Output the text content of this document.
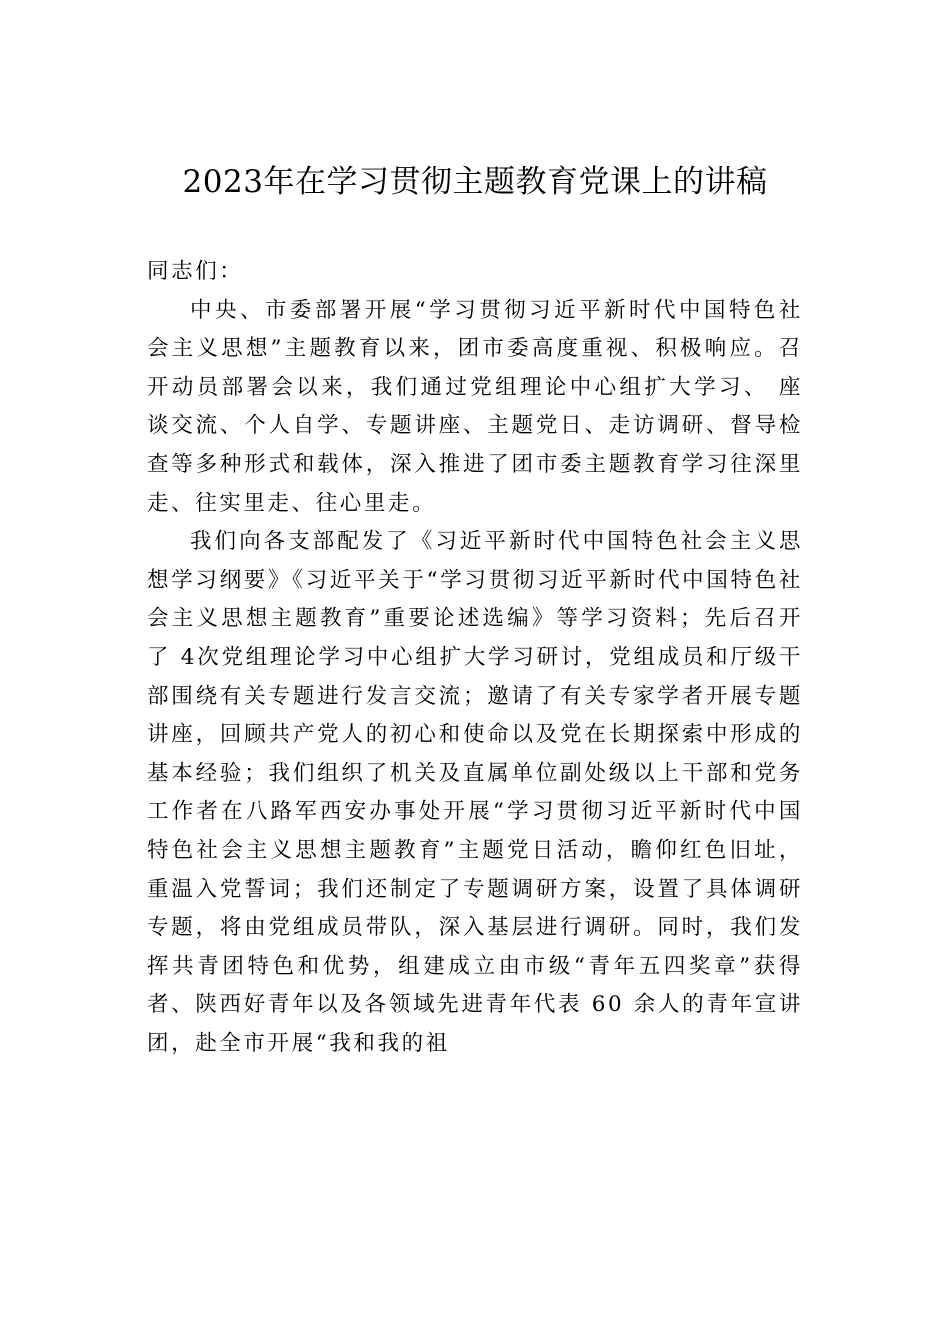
2023年在学习贯彻主题教育党课上的讲稿

同志们：

中央、市委部署开展“学习贯彻习近平新时代中国特色社会主义思想”主题教育以来，团市委高度重视、积极响应。召开动员部署会以来，我们通过党组理论中心组扩大学习、 座谈交流、个人自学、专题讲座、主题党日、走访调研、督导检查等多种形式和载体，深入推进了团市委主题教育学习往深里走、往实里走、往心里走。

我们向各支部配发了《习近平新时代中国特色社会主义思想学习纲要》《习近平关于“学习贯彻习近平新时代中国特色社会主义思想主题教育”重要论述选编》等学习资料；先后召开了 4次党组理论学习中心组扩大学习研讨，党组成员和厅级干部围绕有关专题进行发言交流；邀请了有关专家学者开展专题讲座，回顾共产党人的初心和使命以及党在长期探索中形成的基本经验；我们组织了机关及直属单位副处级以上干部和党务工作者在八路军西安办事处开展“学习贯彻习近平新时代中国特色社会主义思想主题教育”主题党日活动，瞻仰红色旧址，重温入党誓词；我们还制定了专题调研方案，设置了具体调研专题，将由党组成员带队，深入基层进行调研。同时，我们发挥共青团特色和优势，组建成立由市级“青年五四奖章”获得者、陕西好青年以及各领域先进青年代表 60 余人的青年宣讲团，赴全市开展“我和我的祖
